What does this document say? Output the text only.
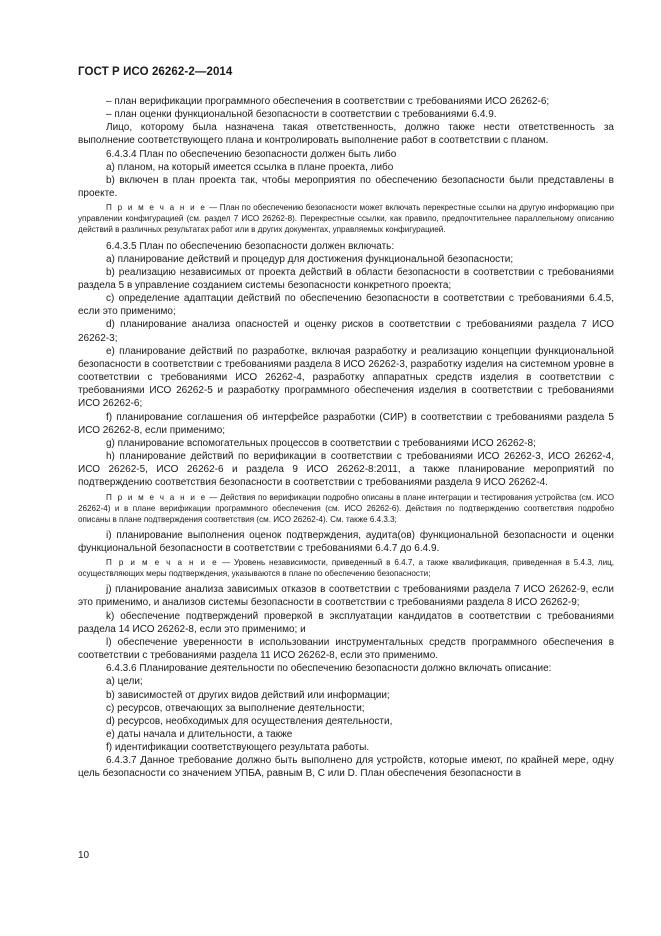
ГОСТ Р ИСО 26262-2—2014

– план верификации программного обеспечения в соответствии с требованиями ИСО 26262-6;

– план оценки функциональной безопасности в соответствии с требованиями 6.4.9.

Лицо, которому была назначена такая ответственность, должно также нести ответственность за выполнение соответствующего плана и контролировать выполнение работ в соответствии с планом.

6.4.3.4 План по обеспечению безопасности должен быть либо

a) планом, на который имеется ссылка в плане проекта, либо

b) включен в план проекта так, чтобы мероприятия по обеспечению безопасности были представлены в проекте.

П р и м е ч а н и е — План по обеспечению безопасности может включать перекрестные ссылки на другую информацию при управлении конфигурацией (см. раздел 7 ИСО 26262-8). Перекрестные ссылки, как правило, предпочтительнее параллельному описанию действий в различных результатах работ или в других документах, управляемых конфигурацией.

6.4.3.5 План по обеспечению безопасности должен включать:

a) планирование действий и процедур для достижения функциональной безопасности;

b) реализацию независимых от проекта действий в области безопасности в соответствии с требованиями раздела 5 в управление созданием системы безопасности конкретного проекта;

c) определение адаптации действий по обеспечению безопасности в соответствии с требованиями 6.4.5, если это применимо;

d) планирование анализа опасностей и оценку рисков в соответствии с требованиями раздела 7 ИСО 26262-3;

e) планирование действий по разработке, включая разработку и реализацию концепции функциональной безопасности в соответствии с требованиями раздела 8 ИСО 26262-3, разработку изделия на системном уровне в соответствии с требованиями ИСО 26262-4, разработку аппаратных средств изделия в соответствии с требованиями ИСО 26262-5 и разработку программного обеспечения изделия в соответствии с требованиями ИСО 26262-6;

f) планирование соглашения об интерфейсе разработки (СИР) в соответствии с требованиями раздела 5 ИСО 26262-8, если применимо;

g) планирование вспомогательных процессов в соответствии с требованиями ИСО 26262-8;

h) планирование действий по верификации в соответствии с требованиями ИСО 26262-3, ИСО 26262-4, ИСО 26262-5, ИСО 26262-6 и раздела 9 ИСО 26262-8:2011, а также планирование мероприятий по подтверждению соответствия безопасности в соответствии с требованиями раздела 9 ИСО 26262-4.

П р и м е ч а н и е — Действия по верификации подробно описаны в плане интеграции и тестирования устройства (см. ИСО 26262-4) и в плане верификации программного обеспечения (см. ИСО 26262-6). Действия по подтверждению соответствия подробно описаны в плане подтверждения соответствия (см. ИСО 26262-4). См. также 6.4.3.3;

i) планирование выполнения оценок подтверждения, аудита(ов) функциональной безопасности и оценки функциональной безопасности в соответствии с требованиями 6.4.7 до 6.4.9.

П р и м е ч а н и е — Уровень независимости, приведенный в 6.4.7, а также квалификация, приведенная в 5.4.3, лиц, осуществляющих меры подтверждения, указываются в плане по обеспечению безопасности;

j) планирование анализа зависимых отказов в соответствии с требованиями раздела 7 ИСО 26262-9, если это применимо, и анализов системы безопасности в соответствии с требованиями раздела 8 ИСО 26262-9;

k) обеспечение подтверждений проверкой в эксплуатации кандидатов в соответствии с требованиями раздела 14 ИСО 26262-8, если это применимо; и

l) обеспечение уверенности в использовании инструментальных средств программного обеспечения в соответствии с требованиями раздела 11 ИСО 26262-8, если это применимо.

6.4.3.6 Планирование деятельности по обеспечению безопасности должно включать описание:

a) цели;

b) зависимостей от других видов действий или информации;

c) ресурсов, отвечающих за выполнение деятельности;

d) ресурсов, необходимых для осуществления деятельности,

e) даты начала и длительности, а также

f) идентификации соответствующего результата работы.

6.4.3.7 Данное требование должно быть выполнено для устройств, которые имеют, по крайней мере, одну цель безопасности со значением УПБА, равным B, C или D. План обеспечения безопасности в

10
